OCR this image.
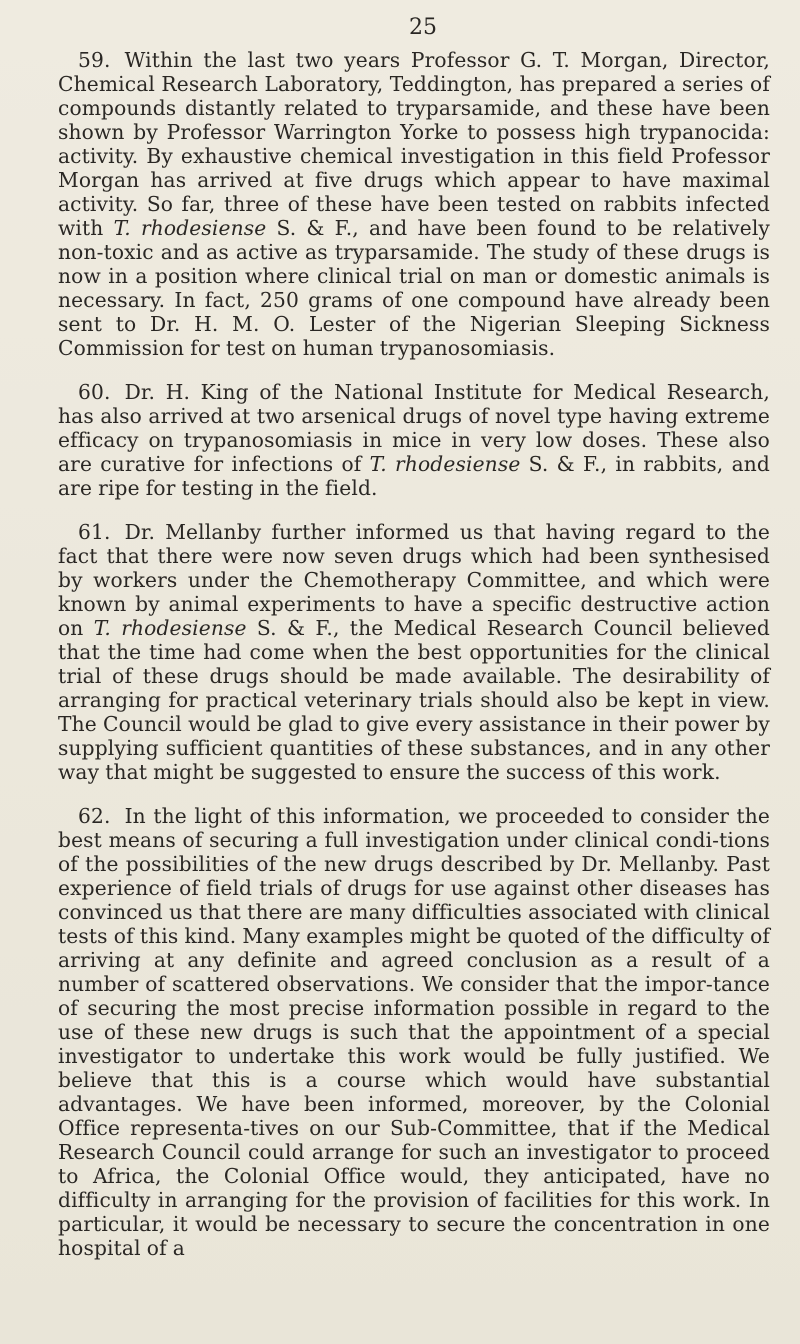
25

59. Within the last two years Professor G. T. Morgan, Director, Chemical Research Laboratory, Teddington, has prepared a series of compounds distantly related to tryparsamide, and these have been shown by Professor Warrington Yorke to possess high trypanocida: activity. By exhaustive chemical investigation in this field Professor Morgan has arrived at five drugs which appear to have maximal activity. So far, three of these have been tested on rabbits infected with T. rhodesiense S. & F., and have been found to be relatively non-toxic and as active as tryparsamide. The study of these drugs is now in a position where clinical trial on man or domestic animals is necessary. In fact, 250 grams of one compound have already been sent to Dr. H. M. O. Lester of the Nigerian Sleeping Sickness Commission for test on human trypanosomiasis.

60. Dr. H. King of the National Institute for Medical Research, has also arrived at two arsenical drugs of novel type having extreme efficacy on trypanosomiasis in mice in very low doses. These also are curative for infections of T. rhodesiense S. & F., in rabbits, and are ripe for testing in the field.

61. Dr. Mellanby further informed us that having regard to the fact that there were now seven drugs which had been synthesised by workers under the Chemotherapy Committee, and which were known by animal experiments to have a specific destructive action on T. rhodesiense S. & F., the Medical Research Council believed that the time had come when the best opportunities for the clinical trial of these drugs should be made available. The desirability of arranging for practical veterinary trials should also be kept in view. The Council would be glad to give every assistance in their power by supplying sufficient quantities of these substances, and in any other way that might be suggested to ensure the success of this work.

62. In the light of this information, we proceeded to consider the best means of securing a full investigation under clinical condi-tions of the possibilities of the new drugs described by Dr. Mellanby. Past experience of field trials of drugs for use against other diseases has convinced us that there are many difficulties associated with clinical tests of this kind. Many examples might be quoted of the difficulty of arriving at any definite and agreed conclusion as a result of a number of scattered observations. We consider that the impor-tance of securing the most precise information possible in regard to the use of these new drugs is such that the appointment of a special investigator to undertake this work would be fully justified. We believe that this is a course which would have substantial advantages. We have been informed, moreover, by the Colonial Office representa-tives on our Sub-Committee, that if the Medical Research Council could arrange for such an investigator to proceed to Africa, the Colonial Office would, they anticipated, have no difficulty in arranging for the provision of facilities for this work. In particular, it would be necessary to secure the concentration in one hospital of a
